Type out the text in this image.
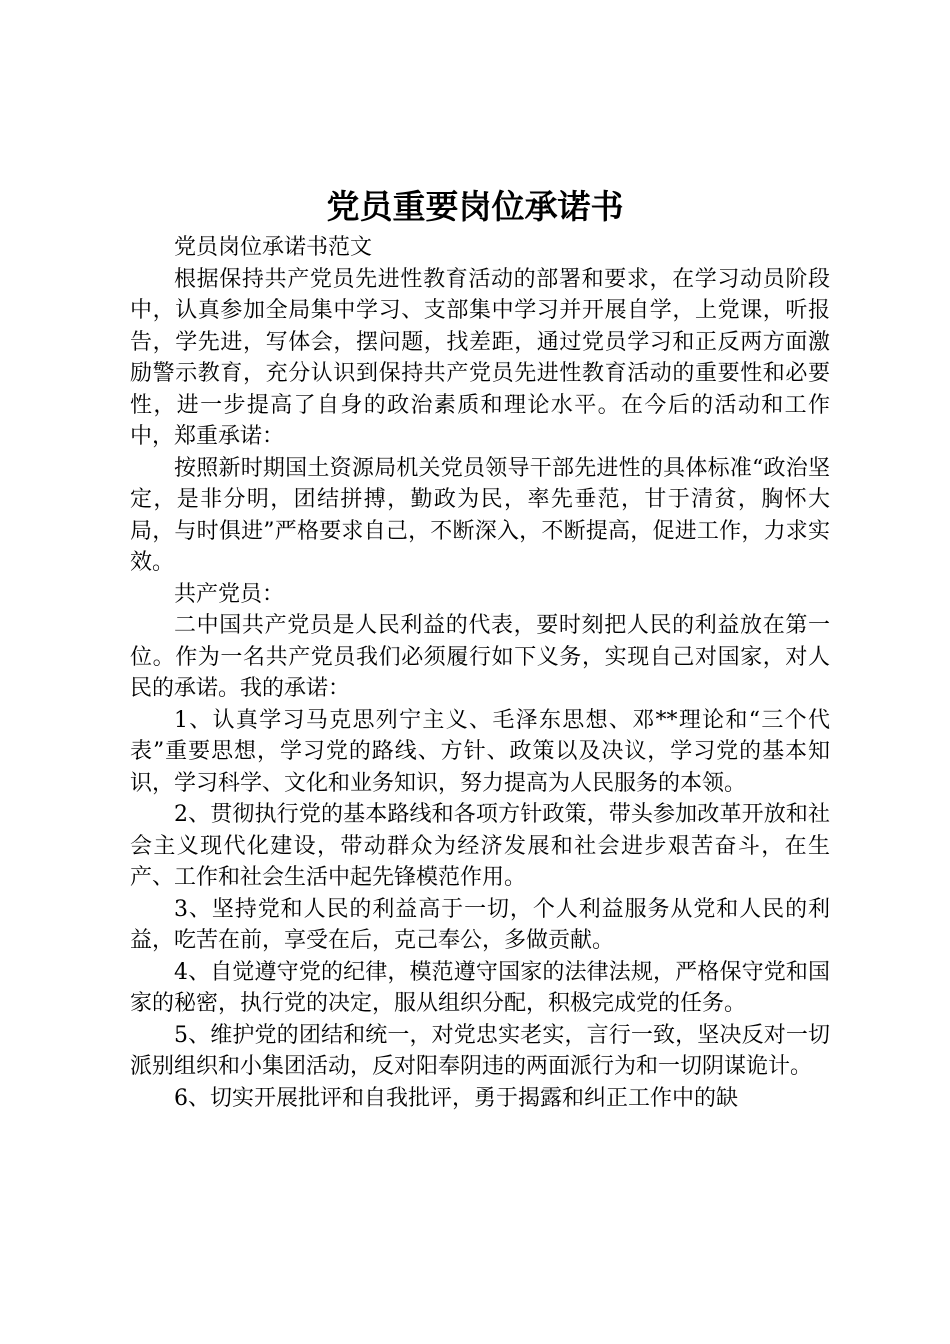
党员重要岗位承诺书

党员岗位承诺书范文

根据保持共产党员先进性教育活动的部署和要求，在学习动员阶段中，认真参加全局集中学习、支部集中学习并开展自学，上党课，听报告，学先进，写体会，摆问题，找差距，通过党员学习和正反两方面激励警示教育，充分认识到保持共产党员先进性教育活动的重要性和必要性，进一步提高了自身的政治素质和理论水平。在今后的活动和工作中，郑重承诺：

按照新时期国土资源局机关党员领导干部先进性的具体标准“政治坚定，是非分明，团结拼搏，勤政为民，率先垂范，甘于清贫，胸怀大局，与时俱进”严格要求自己，不断深入，不断提高，促进工作，力求实效。

共产党员：

二中国共产党员是人民利益的代表，要时刻把人民的利益放在第一位。作为一名共产党员我们必须履行如下义务，实现自己对国家，对人民的承诺。我的承诺：

1、认真学习马克思列宁主义、毛泽东思想、邓**理论和“三个代表”重要思想，学习党的路线、方针、政策以及决议，学习党的基本知识，学习科学、文化和业务知识，努力提高为人民服务的本领。

2、贯彻执行党的基本路线和各项方针政策，带头参加改革开放和社会主义现代化建设，带动群众为经济发展和社会进步艰苦奋斗，在生产、工作和社会生活中起先锋模范作用。

3、坚持党和人民的利益高于一切，个人利益服务从党和人民的利益，吃苦在前，享受在后，克己奉公，多做贡献。

4、自觉遵守党的纪律，模范遵守国家的法律法规，严格保守党和国家的秘密，执行党的决定，服从组织分配，积极完成党的任务。

5、维护党的团结和统一，对党忠实老实，言行一致，坚决反对一切派别组织和小集团活动，反对阳奉阴违的两面派行为和一切阴谋诡计。

6、切实开展批评和自我批评，勇于揭露和纠正工作中的缺
